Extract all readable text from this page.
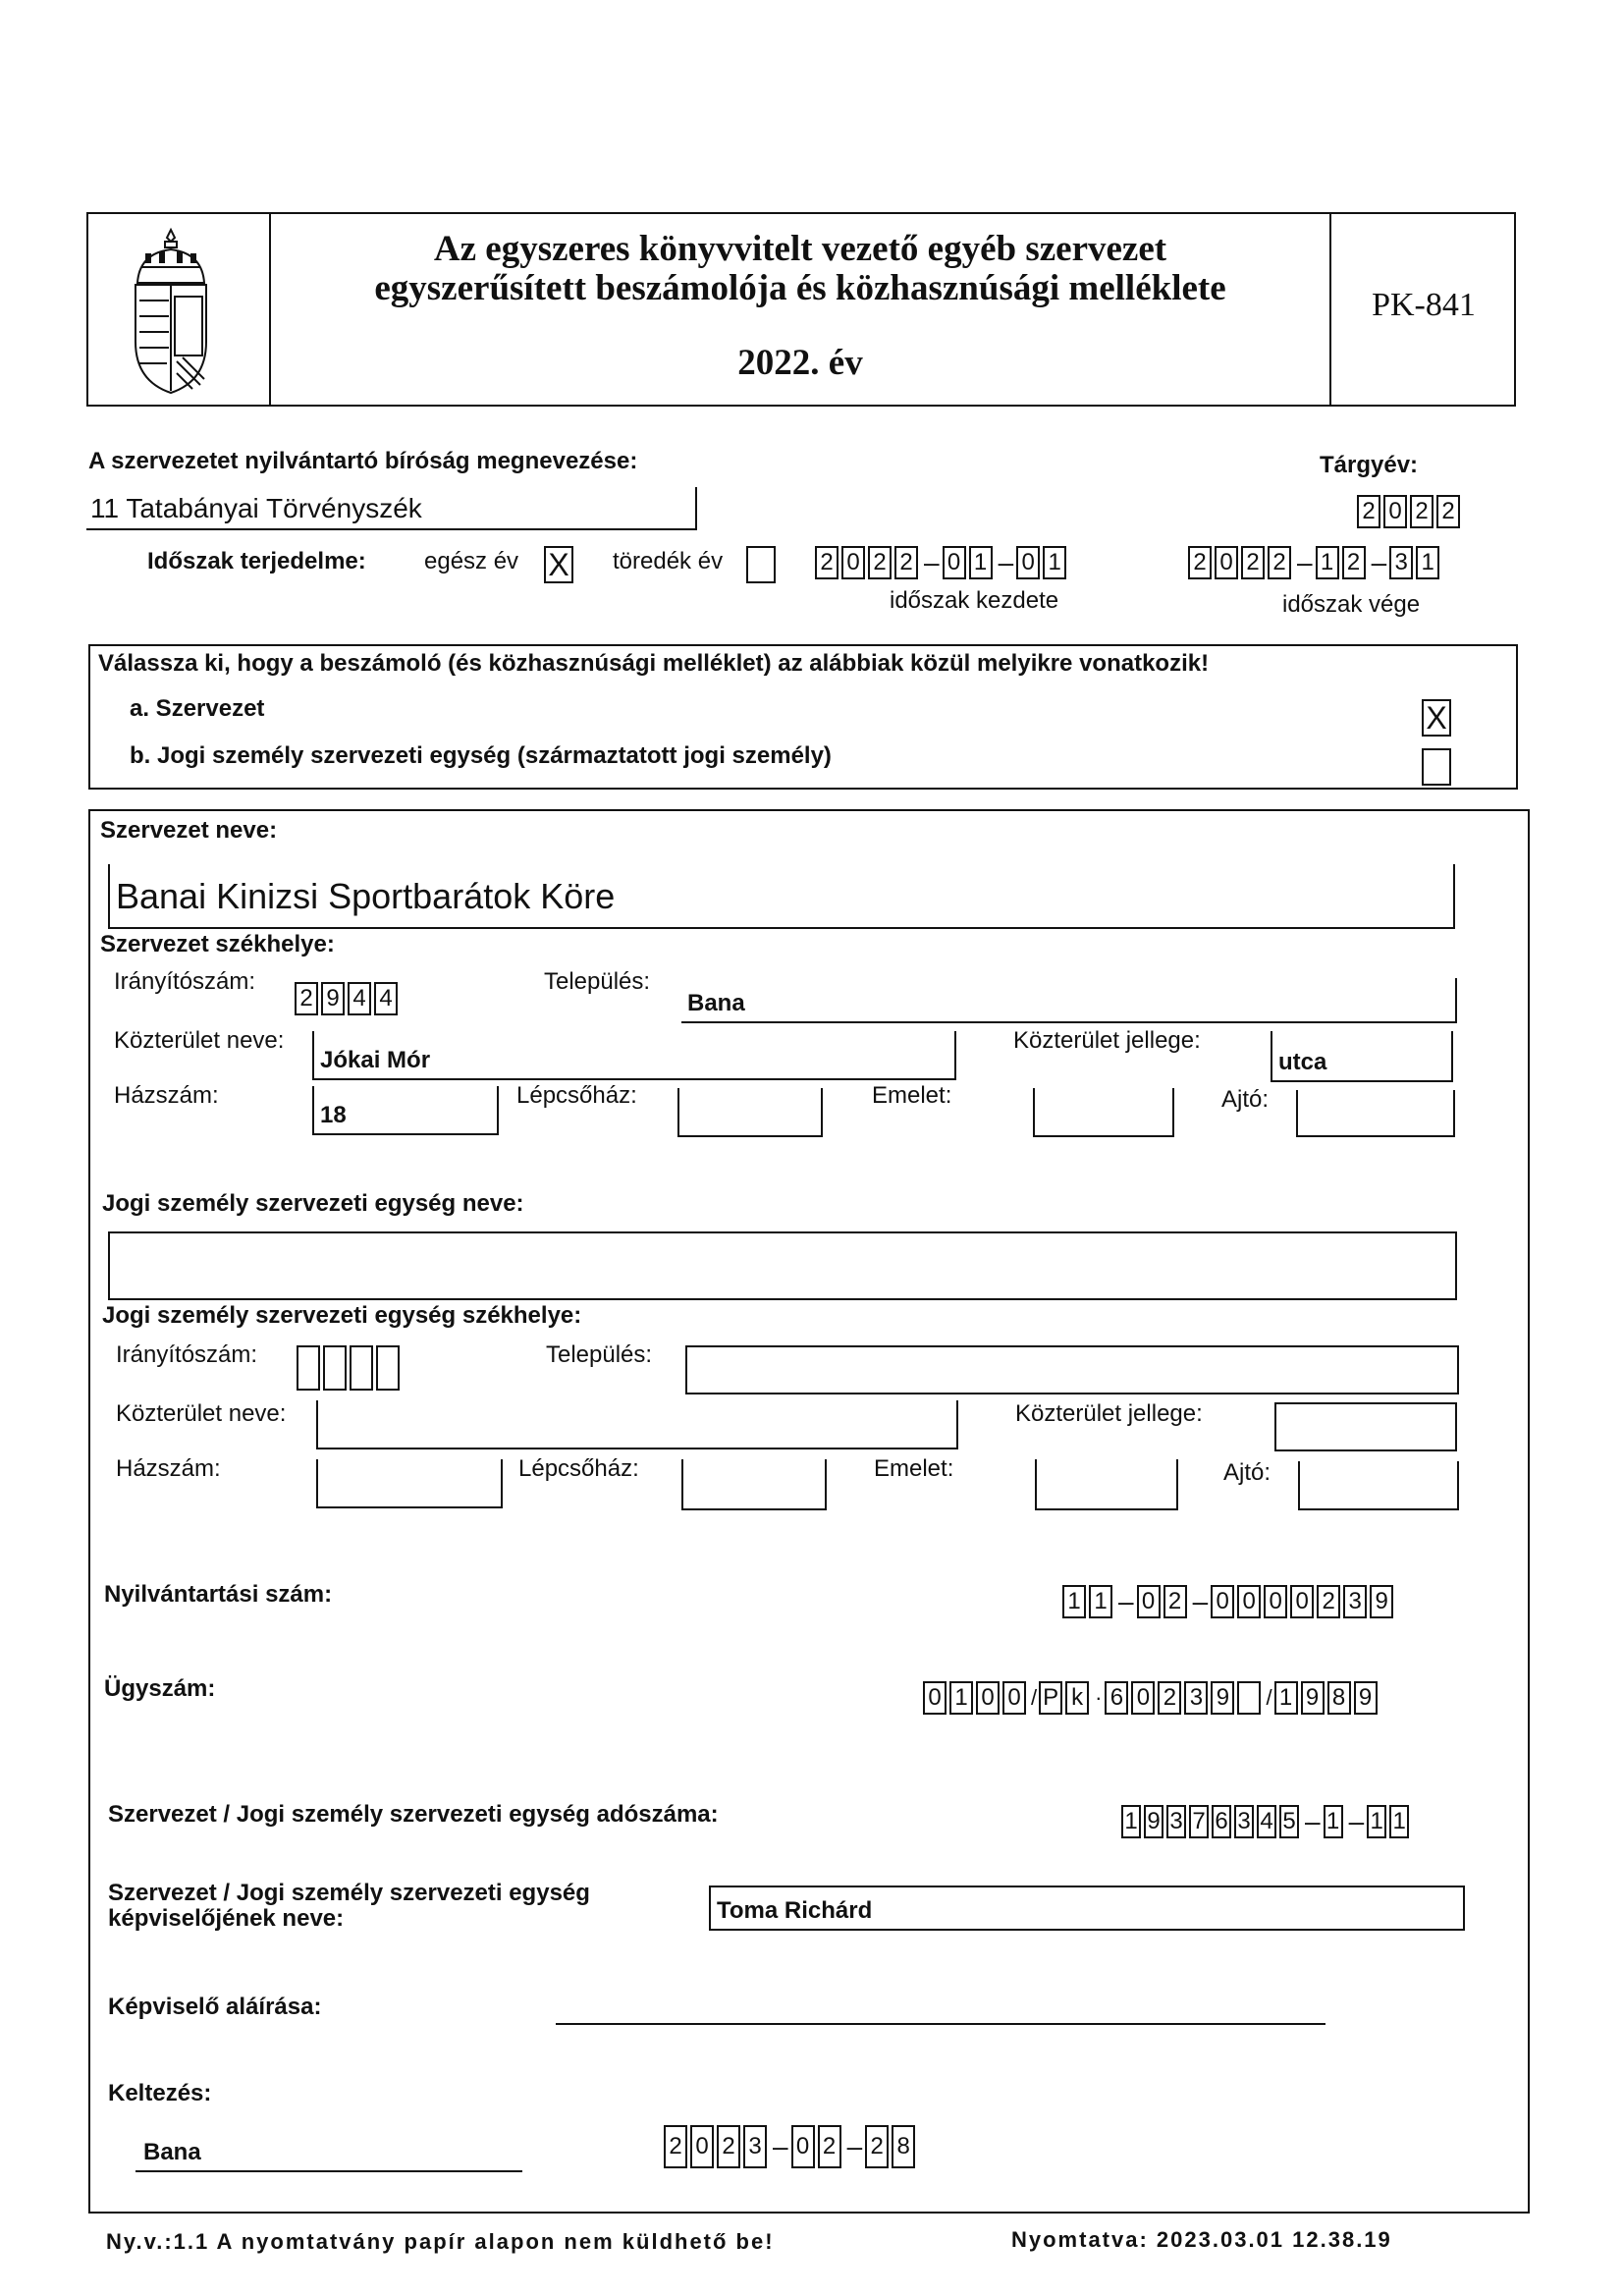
Az egyszeres könyvvitelt vezető egyéb szervezet
egyszerűsített beszámolója és közhasznúsági melléklete
2022. év
PK-841
A szervezetet nyilvántartó bíróság megnevezése:
11 Tatabányai Törvényszék
Tárgyév:
2 0 2 2
Időszak terjedelme: egész év X töredék év	2 0 2 2 – 0 1 – 0 1
időszak kezdete
2 0 2 2 – 1 2 – 3 1
időszak vége
Válassza ki, hogy a beszámoló (és közhasznúsági melléklet) az alábbiak közül melyikre vonatkozik!
a. Szervezet	X
b. Jogi személy szervezeti egység (származtatott jogi személy)
Szervezet neve:
Banai Kinizsi Sportbarátok Köre
Szervezet székhelye:
Irányítószám:
2 9 4 4
Település:
Bana
Közterület neve:
Jókai Mór
Közterület jellege:
utca
Házszám:
18
Lépcsőház:	Emelet:	Ajtó:
Jogi személy szervezeti egység neve:
Jogi személy szervezeti egység székhelye:
Irányítószám:	Település:
Közterület neve:	Közterület jellege:
Házszám:	Lépcsőház:	Emelet:	Ajtó:
Nyilvántartási szám:	1 1 – 0 2 – 0 0 0 0 2 3 9
Ügyszám:	0 1 0 0 / P k · 6 0 2 3 9 / 1 9 8 9
Szervezet / Jogi személy szervezeti egység adószáma:	1 9 3 7 6 3 4 5 – 1 – 1 1
Szervezet / Jogi személy szervezeti egység
képviselőjének neve:	Toma Richárd
Képviselő aláírása:
Keltezés:
Bana	2 0 2 3 – 0 2 – 2 8
Ny.v.:1.1 A nyomtatvány papír alapon nem küldhető be!	Nyomtatva: 2023.03.01 12.38.19
